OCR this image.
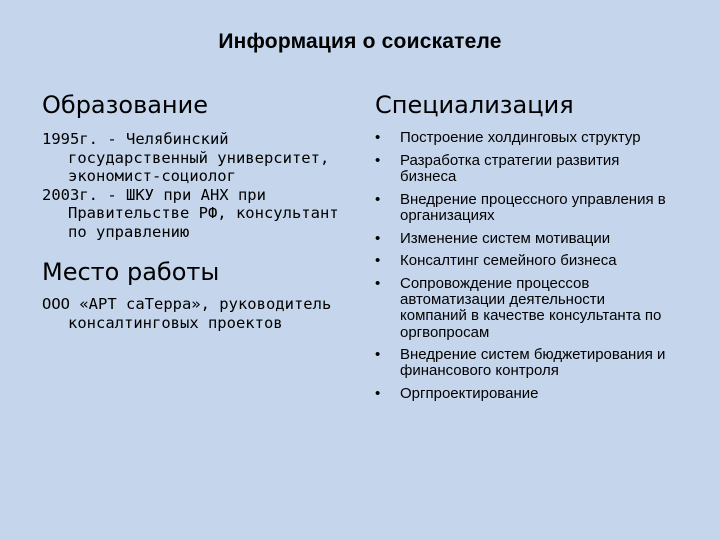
Информация о соискателе
Образование

1995г. - Челябинский государственный университет, экономист-социолог

2003г. - ШКУ при АНХ при Правительстве РФ, консультант по управлению

Место работы

ООО «АРТ саТерра», руководитель консалтинговых проектов

Специализация
•	Построение холдинговых структур
•	Разработка стратегии развития бизнеса
•	Внедрение процессного управления в организациях
•	Изменение систем мотивации
•	Консалтинг семейного бизнеса
•	Сопровождение процессов автоматизации деятельности компаний в качестве консультанта по оргвопросам
•	Внедрение систем бюджетирования и финансового контроля
•	Оргпроектирование
